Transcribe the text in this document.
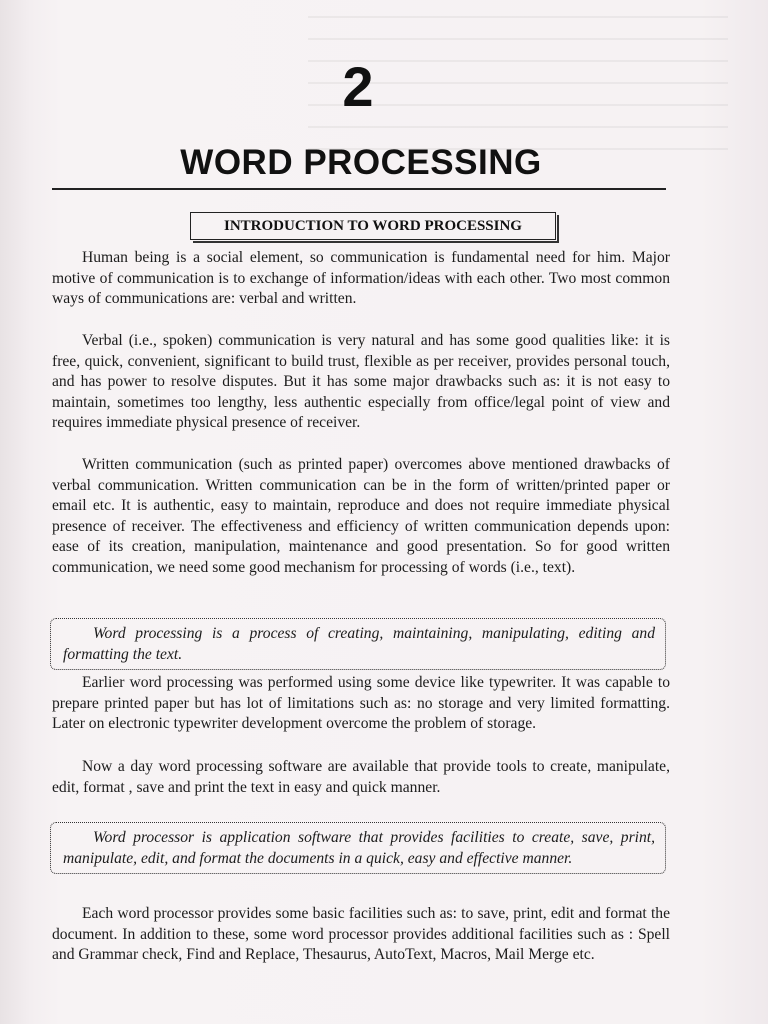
2
WORD PROCESSING
INTRODUCTION TO WORD PROCESSING

Human being is a social element, so communication is fundamental need for him. Major motive of communication is to exchange of information/ideas with each other. Two most common ways of communications are: verbal and written.

Verbal (i.e., spoken) communication is very natural and has some good qualities like: it is free, quick, convenient, significant to build trust, flexible as per receiver, provides personal touch, and has power to resolve disputes. But it has some major drawbacks such as: it is not easy to maintain, sometimes too lengthy, less authentic especially from office/legal point of view and requires immediate physical presence of receiver.

Written communication (such as printed paper) overcomes above mentioned drawbacks of verbal communication. Written communication can be in the form of written/printed paper or email etc. It is authentic, easy to maintain, reproduce and does not require immediate physical presence of receiver. The effectiveness and efficiency of written communication depends upon: ease of its creation, manipulation, maintenance and good presentation. So for good written communication, we need some good mechanism for processing of words (i.e., text).

Word processing is a process of creating, maintaining, manipulating, editing and formatting the text.

Earlier word processing was performed using some device like typewriter. It was capable to prepare printed paper but has lot of limitations such as: no storage and very limited formatting. Later on electronic typewriter development overcome the problem of storage.

Now a day word processing software are available that provide tools to create, manipulate, edit, format , save and print the text in easy and quick manner.

Word processor is application software that provides facilities to create, save, print, manipulate, edit, and format the documents in a quick, easy and effective manner.

Each word processor provides some basic facilities such as: to save, print, edit and format the document. In addition to these, some word processor provides additional facilities such as : Spell and Grammar check, Find and Replace, Thesaurus, AutoText, Macros, Mail Merge etc.
